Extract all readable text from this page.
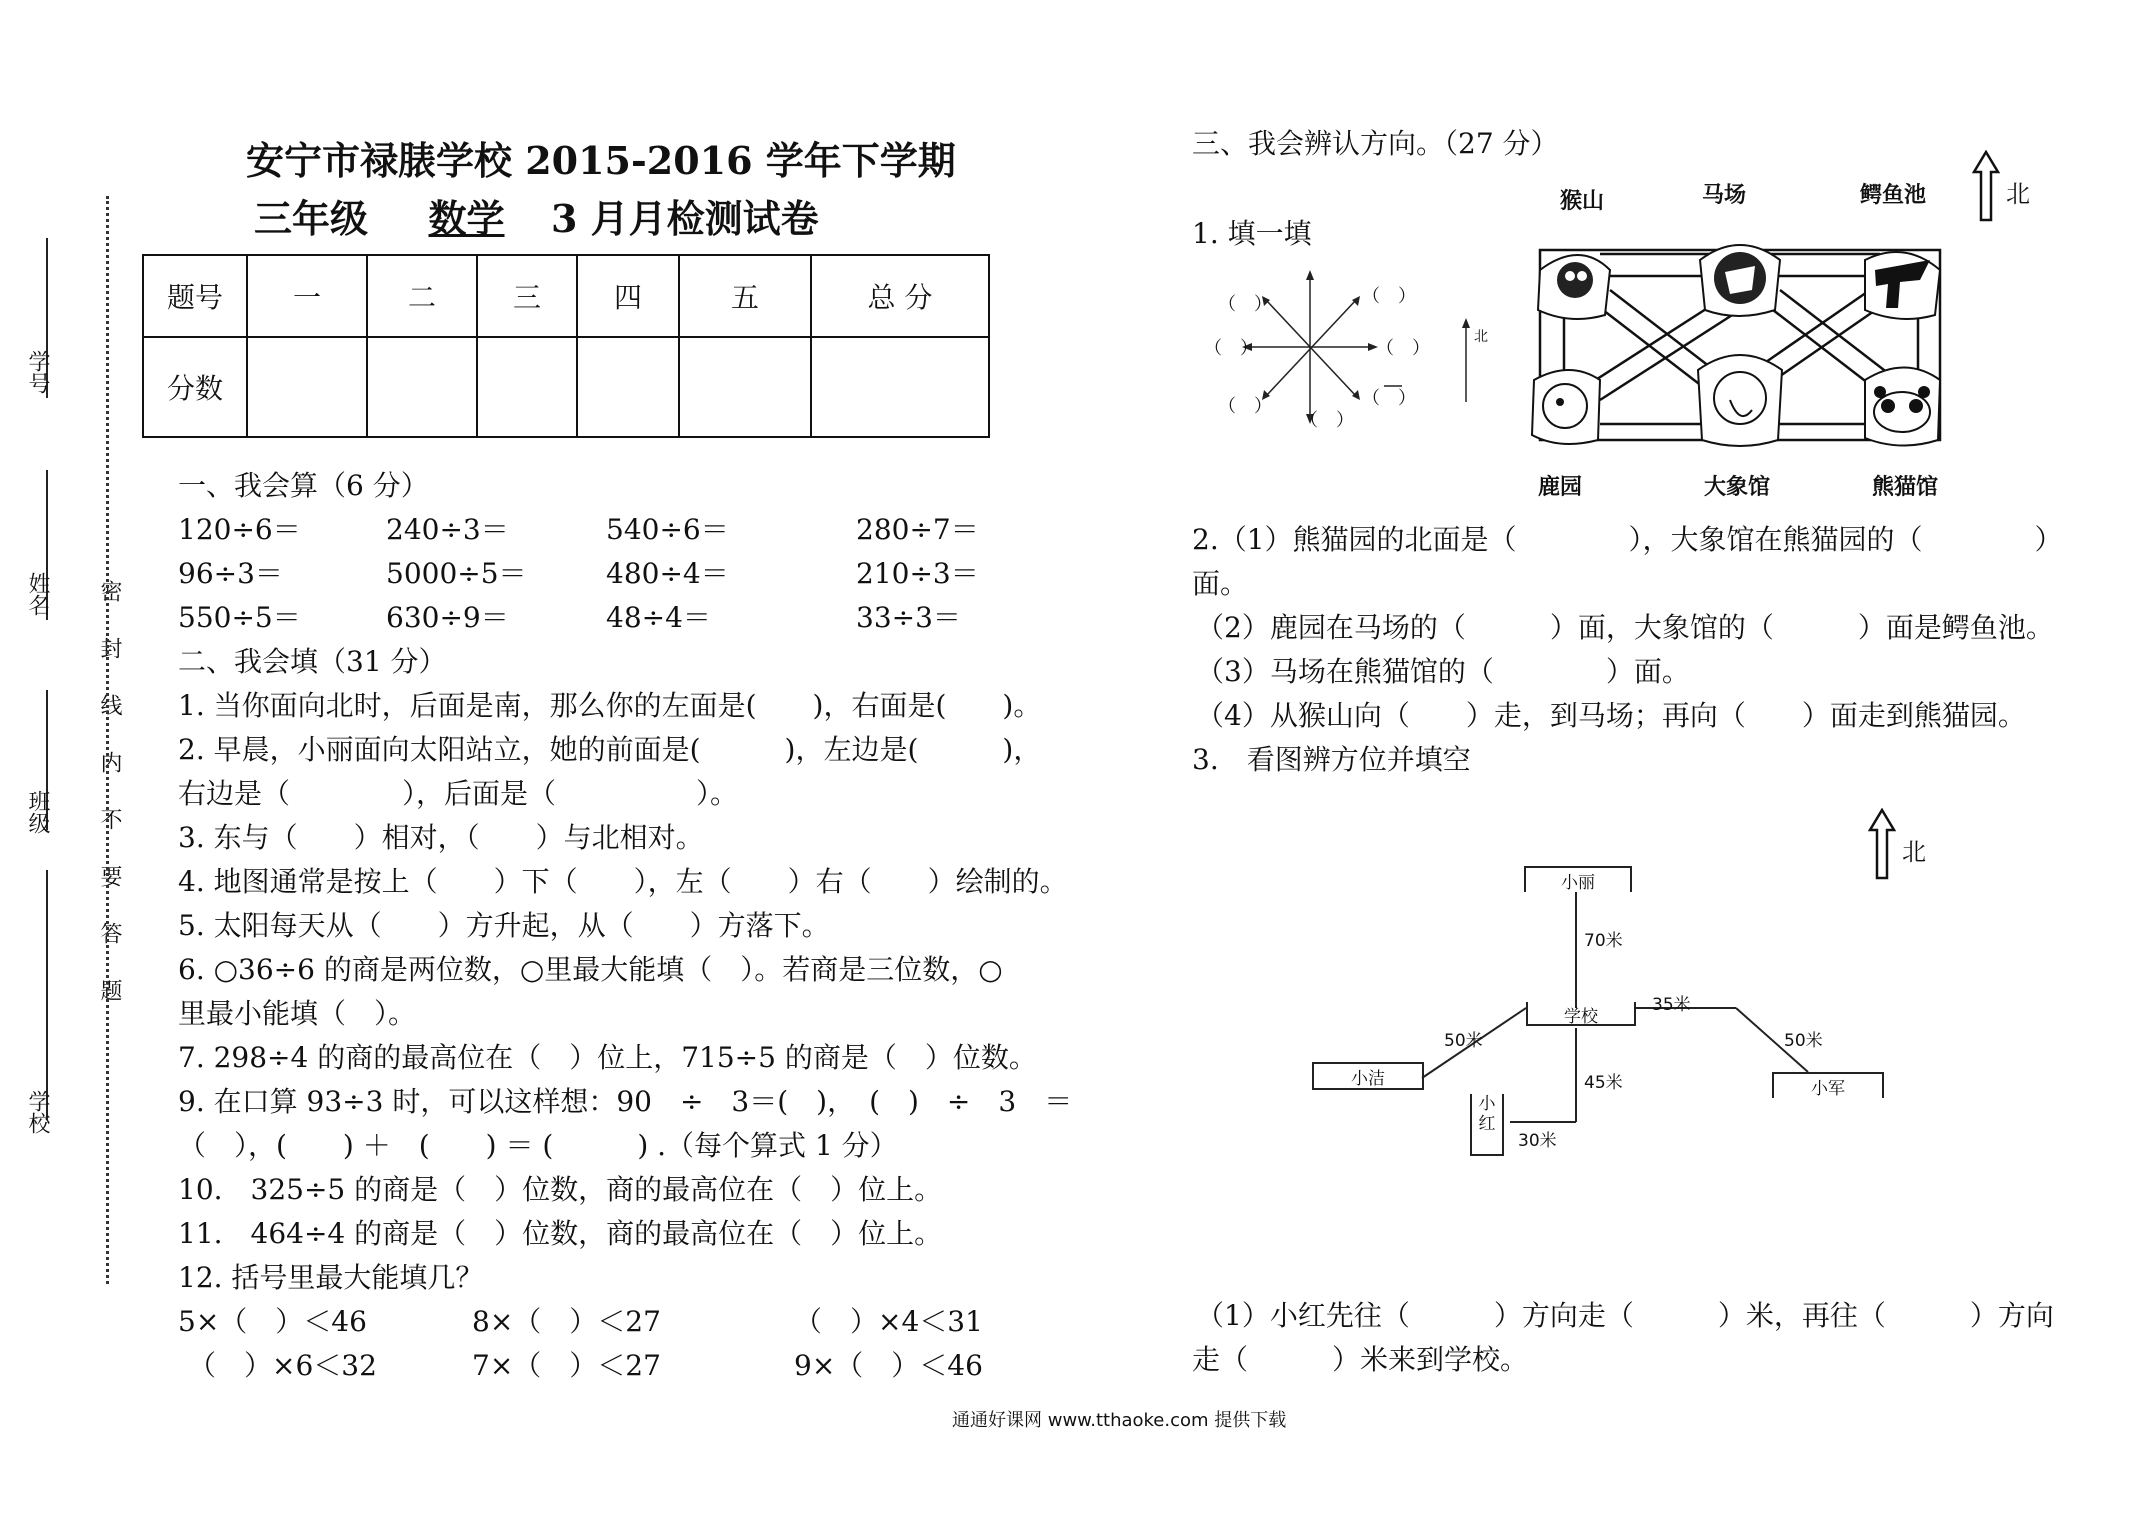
学号
姓名
班级
学校
密 封 线 内 不 要 答 题
安宁市禄脿学校 2015-2016 学年下学期
三年级 数学 3 月月检测试卷
题号	一	二	三	四	五	总 分
分数						
一、我会算（6 分）
120÷6＝	240÷3＝	540÷6＝	280÷7＝
96÷3＝	5000÷5＝	480÷4＝	210÷3＝
550÷5＝	630÷9＝	48÷4＝	33÷3＝
二、我会填（31 分）
1. 当你面向北时，后面是南，那么你的左面是(　　)，右面是(　　)。
2. 早晨，小丽面向太阳站立，她的前面是(　　　)，左边是(　　　)，
右边是（　　　　），后面是（　　　　　）。
3. 东与（　　）相对，（　　）与北相对。
4. 地图通常是按上（　　）下（　　），左（　　）右（　　）绘制的。
5. 太阳每天从（　　）方升起，从（　　）方落下。
6. ○36÷6 的商是两位数，○里最大能填（　）。若商是三位数，○
里最小能填（　）。
7. 298÷4 的商的最高位在（　）位上，715÷5 的商是（　）位数。
9. 在口算 93÷3 时，可以这样想：90　÷　3＝(　)，　(　)　÷　3　＝
（　），(　　) ＋　(　　) ＝ (　　　) .（每个算式 1 分）
10.　325÷5 的商是（　）位数，商的最高位在（　）位上。
11.　464÷4 的商是（　）位数，商的最高位在（　）位上。
12. 括号里最大能填几？
5×（　）＜46	8×（　）＜27	（　）×4＜31
（　）×6＜32	7×（　）＜27	9×（　）＜46
三、我会辨认方向。（27 分）
北
1. 填一填
（　）	（　）
（　）	（　）
（　）	（　）
（　）
北
猴山	马场	鳄鱼池
鹿园	大象馆	熊猫馆
2.（1）熊猫园的北面是（　　　　），大象馆在熊猫园的（　　　　）
面。
（2）鹿园在马场的（　　　）面，大象馆的（　　　）面是鳄鱼池。
（3）马场在熊猫馆的（　　　　）面。
（4）从猴山向（　　）走，到马场；再向（　　）面走到熊猫园。
3.　看图辨方位并填空
北
小丽
学校
小洁	小军
小红
70米
35米
50米	50米
45米
30米
（1）小红先往（　　　）方向走（　　　）米，再往（　　　）方向
走（　　　）米来到学校。
通通好课网 www.tthaoke.com 提供下载
